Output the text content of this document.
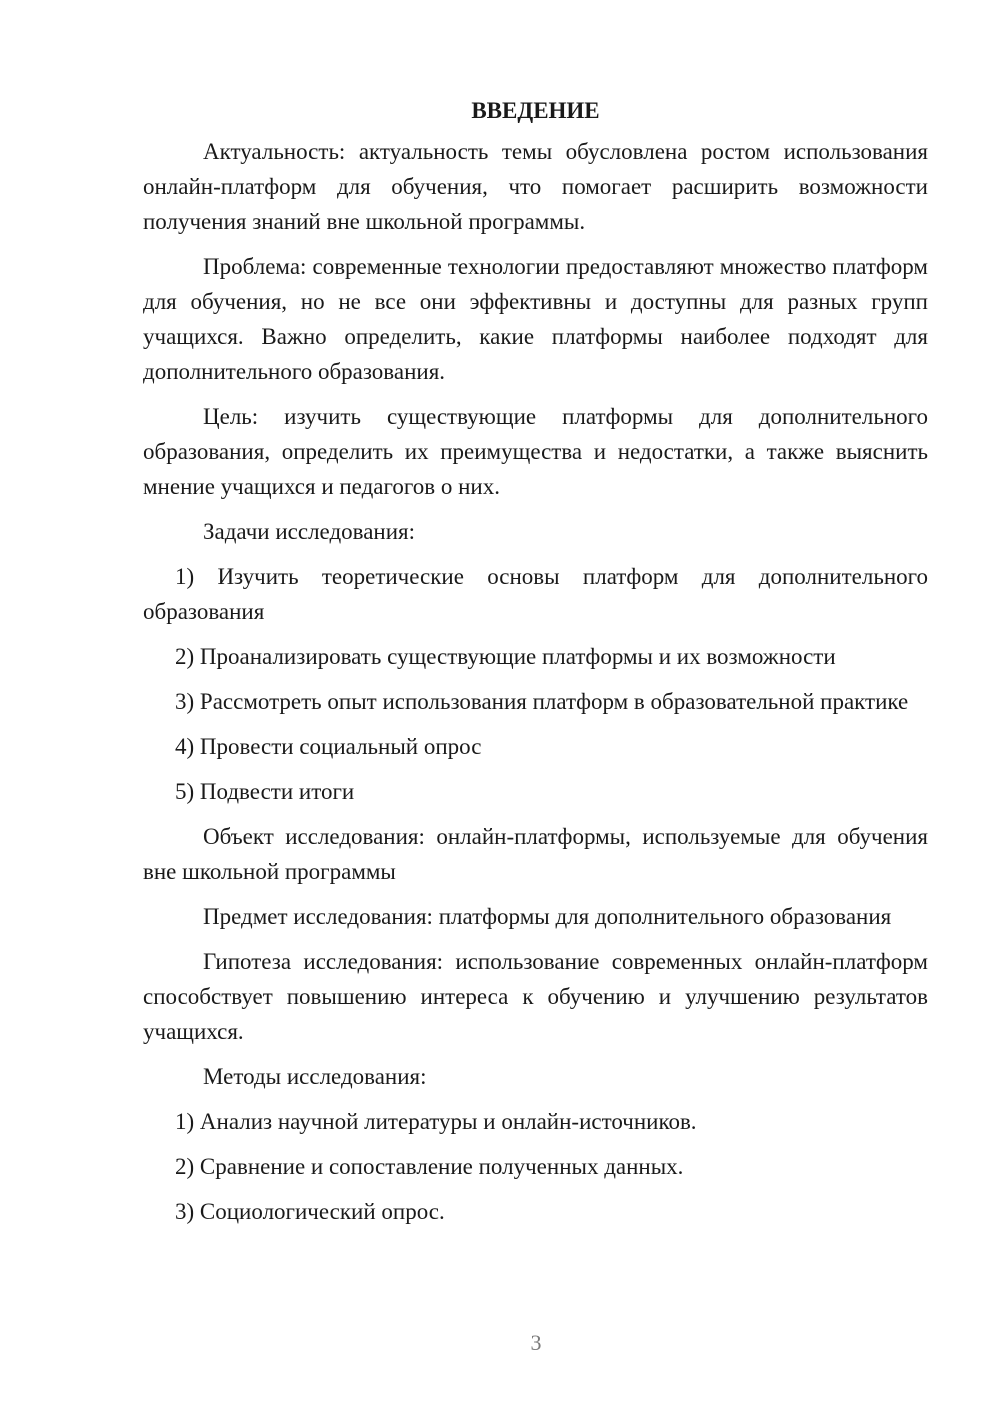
ВВЕДЕНИЕ

Актуальность: актуальность темы обусловлена ростом использования онлайн-платформ для обучения, что помогает расширить возможности получения знаний вне школьной программы.

Проблема: современные технологии предоставляют множество платформ для обучения, но не все они эффективны и доступны для разных групп учащихся. Важно определить, какие платформы наиболее подходят для дополнительного образования.

Цель: изучить существующие платформы для дополнительного образования, определить их преимущества и недостатки, а также выяснить мнение учащихся и педагогов о них.

Задачи исследования:

1) Изучить теоретические основы платформ для дополнительного образования

2) Проанализировать существующие платформы и их возможности

3) Рассмотреть опыт использования платформ в образовательной практике

4) Провести социальный опрос

5) Подвести итоги

Объект исследования: онлайн-платформы, используемые для обучения вне школьной программы

Предмет исследования: платформы для дополнительного образования

Гипотеза исследования: использование современных онлайн-платформ способствует повышению интереса к обучению и улучшению результатов учащихся.

Методы исследования:

1) Анализ научной литературы и онлайн-источников.

2) Сравнение и сопоставление полученных данных.

3) Социологический опрос.

3
